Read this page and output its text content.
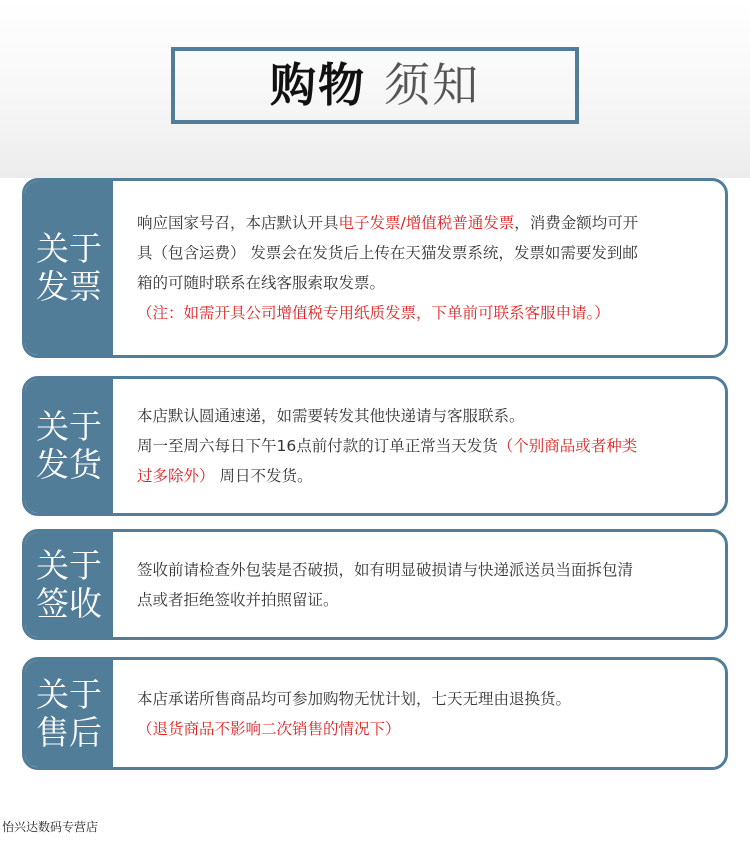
购物 须知
关于
发票
响应国家号召，本店默认开具电子发票/增值税普通发票，消费金额均可开
具（包含运费） 发票会在发货后上传在天猫发票系统，发票如需要发到邮
箱的可随时联系在线客服索取发票。
（注：如需开具公司增值税专用纸质发票，下单前可联系客服申请。）
关于
发货
本店默认圆通速递，如需要转发其他快递请与客服联系。
周一至周六每日下午16点前付款的订单正常当天发货（个别商品或者种类
过多除外） 周日不发货。
关于
签收
签收前请检查外包装是否破损，如有明显破损请与快递派送员当面拆包清
点或者拒绝签收并拍照留证。
关于
售后
本店承诺所售商品均可参加购物无忧计划，七天无理由退换货。
（退货商品不影响二次销售的情况下）
怡兴达数码专营店
